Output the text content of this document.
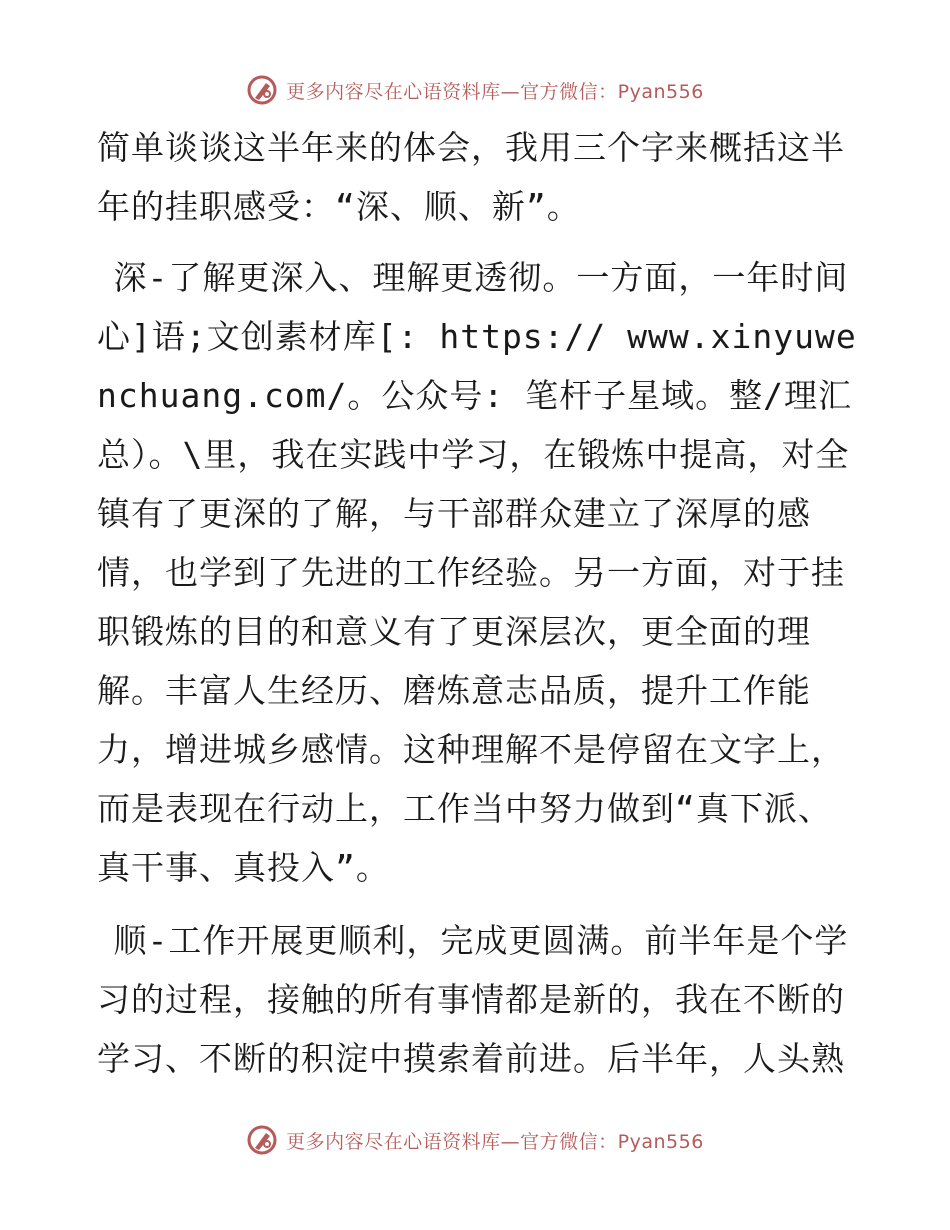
更多内容尽在心语资料库—官方微信：Pyan556

简单谈谈这半年来的体会，我用三个字来概括这半年的挂职感受：“深、顺、新”。

深-了解更深入、理解更透彻。一方面，一年时间心]语;文创素材库[: https:// www.xinyuwenchuang.com/。公众号: 笔杆子星域。整/理汇总）。\里，我在实践中学习，在锻炼中提高，对全镇有了更深的了解，与干部群众建立了深厚的感情，也学到了先进的工作经验。另一方面，对于挂职锻炼的目的和意义有了更深层次，更全面的理解。丰富人生经历、磨炼意志品质，提升工作能力，增进城乡感情。这种理解不是停留在文字上，而是表现在行动上，工作当中努力做到“真下派、真干事、真投入”。

顺-工作开展更顺利，完成更圆满。前半年是个学习的过程，接触的所有事情都是新的，我在不断的学习、不断的积淀中摸索着前进。后半年，人头熟

更多内容尽在心语资料库—官方微信：Pyan556
